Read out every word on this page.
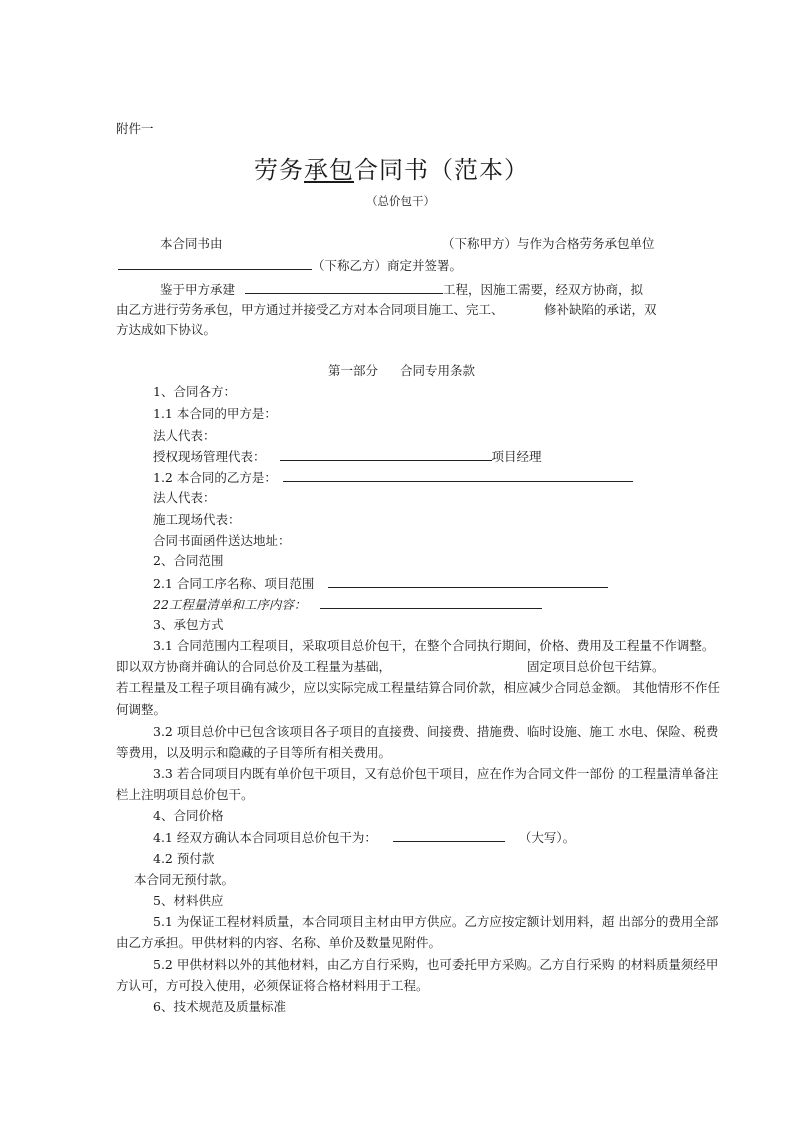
附件一
劳务承包合同书（范本）
（总价包干）
本合同书由	（下称甲方）与作为合格劳务承包单位
（下称乙方）商定并签署。
鉴于甲方承建	工程，因施工需要，经双方协商，拟
由乙方进行劳务承包，甲方通过并接受乙方对本合同项目施工、完工、	修补缺陷的承诺，双
方达成如下协议。
第一部分 合同专用条款
1、合同各方：
1.1 本合同的甲方是：
法人代表：
授权现场管理代表：	项目经理
1.2 本合同的乙方是：
法人代表：
施工现场代表：
合同书面函件送达地址：
2、合同范围
2.1 合同工序名称、项目范围
22工程量清单和工序内容：
3、承包方式
3.1 合同范围内工程项目，采取项目总价包干，在整个合同执行期间，价格、费用及工程量不作调整。
即以双方协商并确认的合同总价及工程量为基础，	固定项目总价包干结算。
若工程量及工程子项目确有减少，应以实际完成工程量结算合同价款，相应减少合同总金额。 其他情形不作任
何调整。
3.2 项目总价中已包含该项目各子项目的直接费、间接费、措施费、临时设施、施工 水电、保险、税费
等费用，以及明示和隐藏的子目等所有相关费用。
3.3 若合同项目内既有单价包干项目，又有总价包干项目，应在作为合同文件一部份 的工程量清单备注
栏上注明项目总价包干。
4、合同价格
4.1 经双方确认本合同项目总价包干为：	（大写）。
4.2 预付款
本合同无预付款。
5、材料供应
5.1 为保证工程材料质量，本合同项目主材由甲方供应。乙方应按定额计划用料，超 出部分的费用全部
由乙方承担。甲供材料的内容、名称、单价及数量见附件。
5.2 甲供材料以外的其他材料，由乙方自行采购，也可委托甲方采购。乙方自行采购 的材料质量须经甲
方认可，方可投入使用，必须保证将合格材料用于工程。
6、技术规范及质量标准
